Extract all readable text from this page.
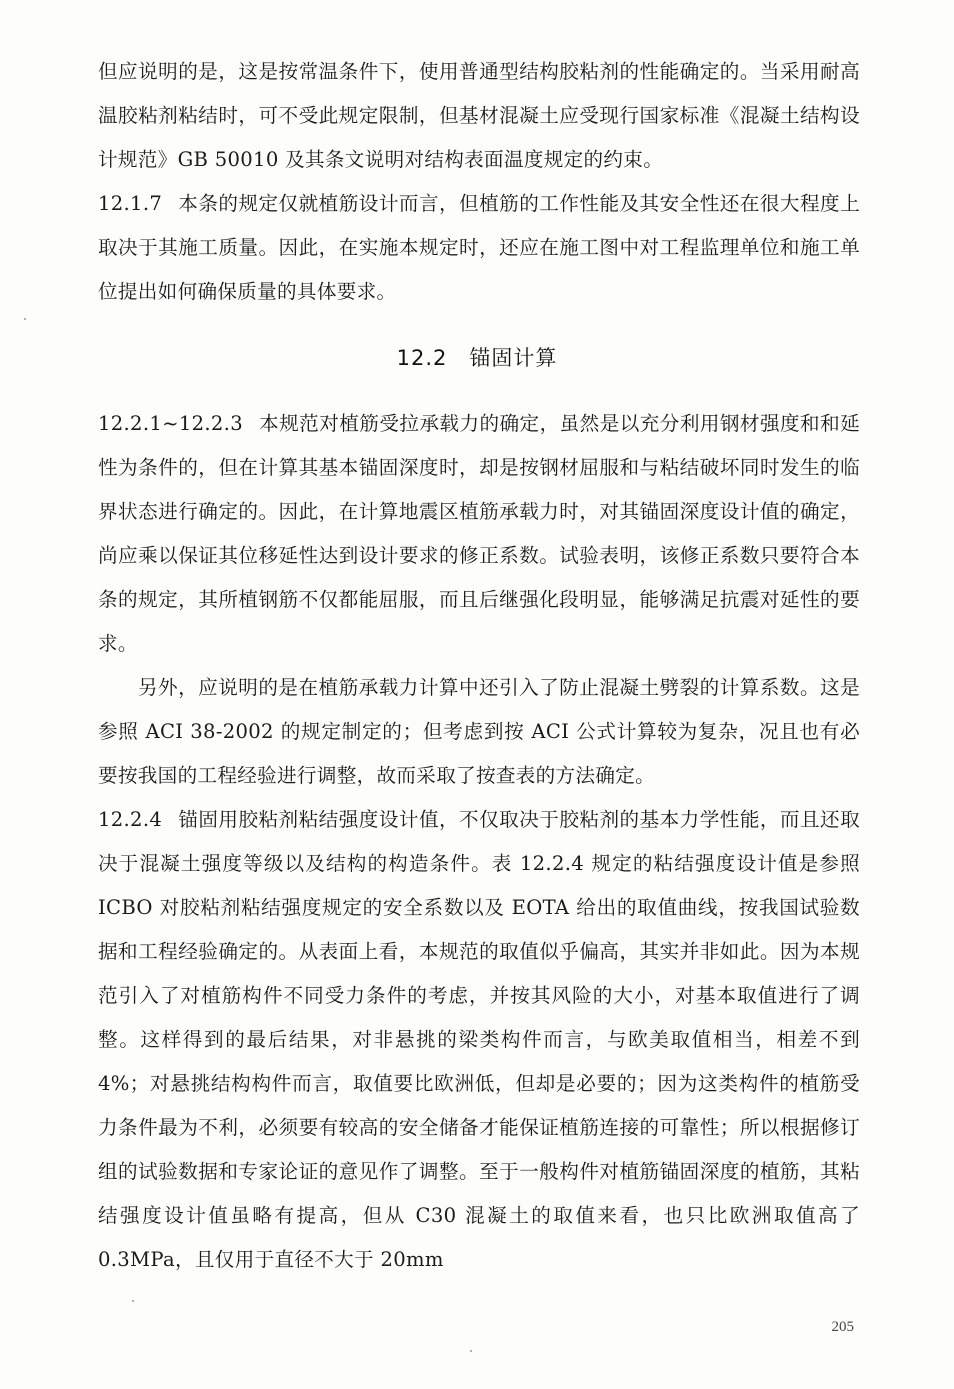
但应说明的是，这是按常温条件下，使用普通型结构胶粘剂的性能确定的。当采用耐高温胶粘剂粘结时，可不受此规定限制，但基材混凝土应受现行国家标准《混凝土结构设计规范》GB 50010 及其条文说明对结构表面温度规定的约束。

12.1.7 本条的规定仅就植筋设计而言，但植筋的工作性能及其安全性还在很大程度上取决于其施工质量。因此，在实施本规定时，还应在施工图中对工程监理单位和施工单位提出如何确保质量的具体要求。

12.2 锚固计算

12.2.1~12.2.3 本规范对植筋受拉承载力的确定，虽然是以充分利用钢材强度和和延性为条件的，但在计算其基本锚固深度时，却是按钢材屈服和与粘结破坏同时发生的临界状态进行确定的。因此，在计算地震区植筋承载力时，对其锚固深度设计值的确定，尚应乘以保证其位移延性达到设计要求的修正系数。试验表明，该修正系数只要符合本条的规定，其所植钢筋不仅都能屈服，而且后继强化段明显，能够满足抗震对延性的要求。

另外，应说明的是在植筋承载力计算中还引入了防止混凝土劈裂的计算系数。这是参照 ACI 38-2002 的规定制定的；但考虑到按 ACI 公式计算较为复杂，况且也有必要按我国的工程经验进行调整，故而采取了按查表的方法确定。

12.2.4 锚固用胶粘剂粘结强度设计值，不仅取决于胶粘剂的基本力学性能，而且还取决于混凝土强度等级以及结构的构造条件。表 12.2.4 规定的粘结强度设计值是参照 ICBO 对胶粘剂粘结强度规定的安全系数以及 EOTA 给出的取值曲线，按我国试验数据和工程经验确定的。从表面上看，本规范的取值似乎偏高，其实并非如此。因为本规范引入了对植筋构件不同受力条件的考虑，并按其风险的大小，对基本取值进行了调整。这样得到的最后结果，对非悬挑的梁类构件而言，与欧美取值相当，相差不到 4%；对悬挑结构构件而言，取值要比欧洲低，但却是必要的；因为这类构件的植筋受力条件最为不利，必须要有较高的安全储备才能保证植筋连接的可靠性；所以根据修订组的试验数据和专家论证的意见作了调整。至于一般构件对植筋锚固深度的植筋，其粘结强度设计值虽略有提高，但从 C30 混凝土的取值来看，也只比欧洲取值高了 0.3MPa，且仅用于直径不大于 20mm

205
